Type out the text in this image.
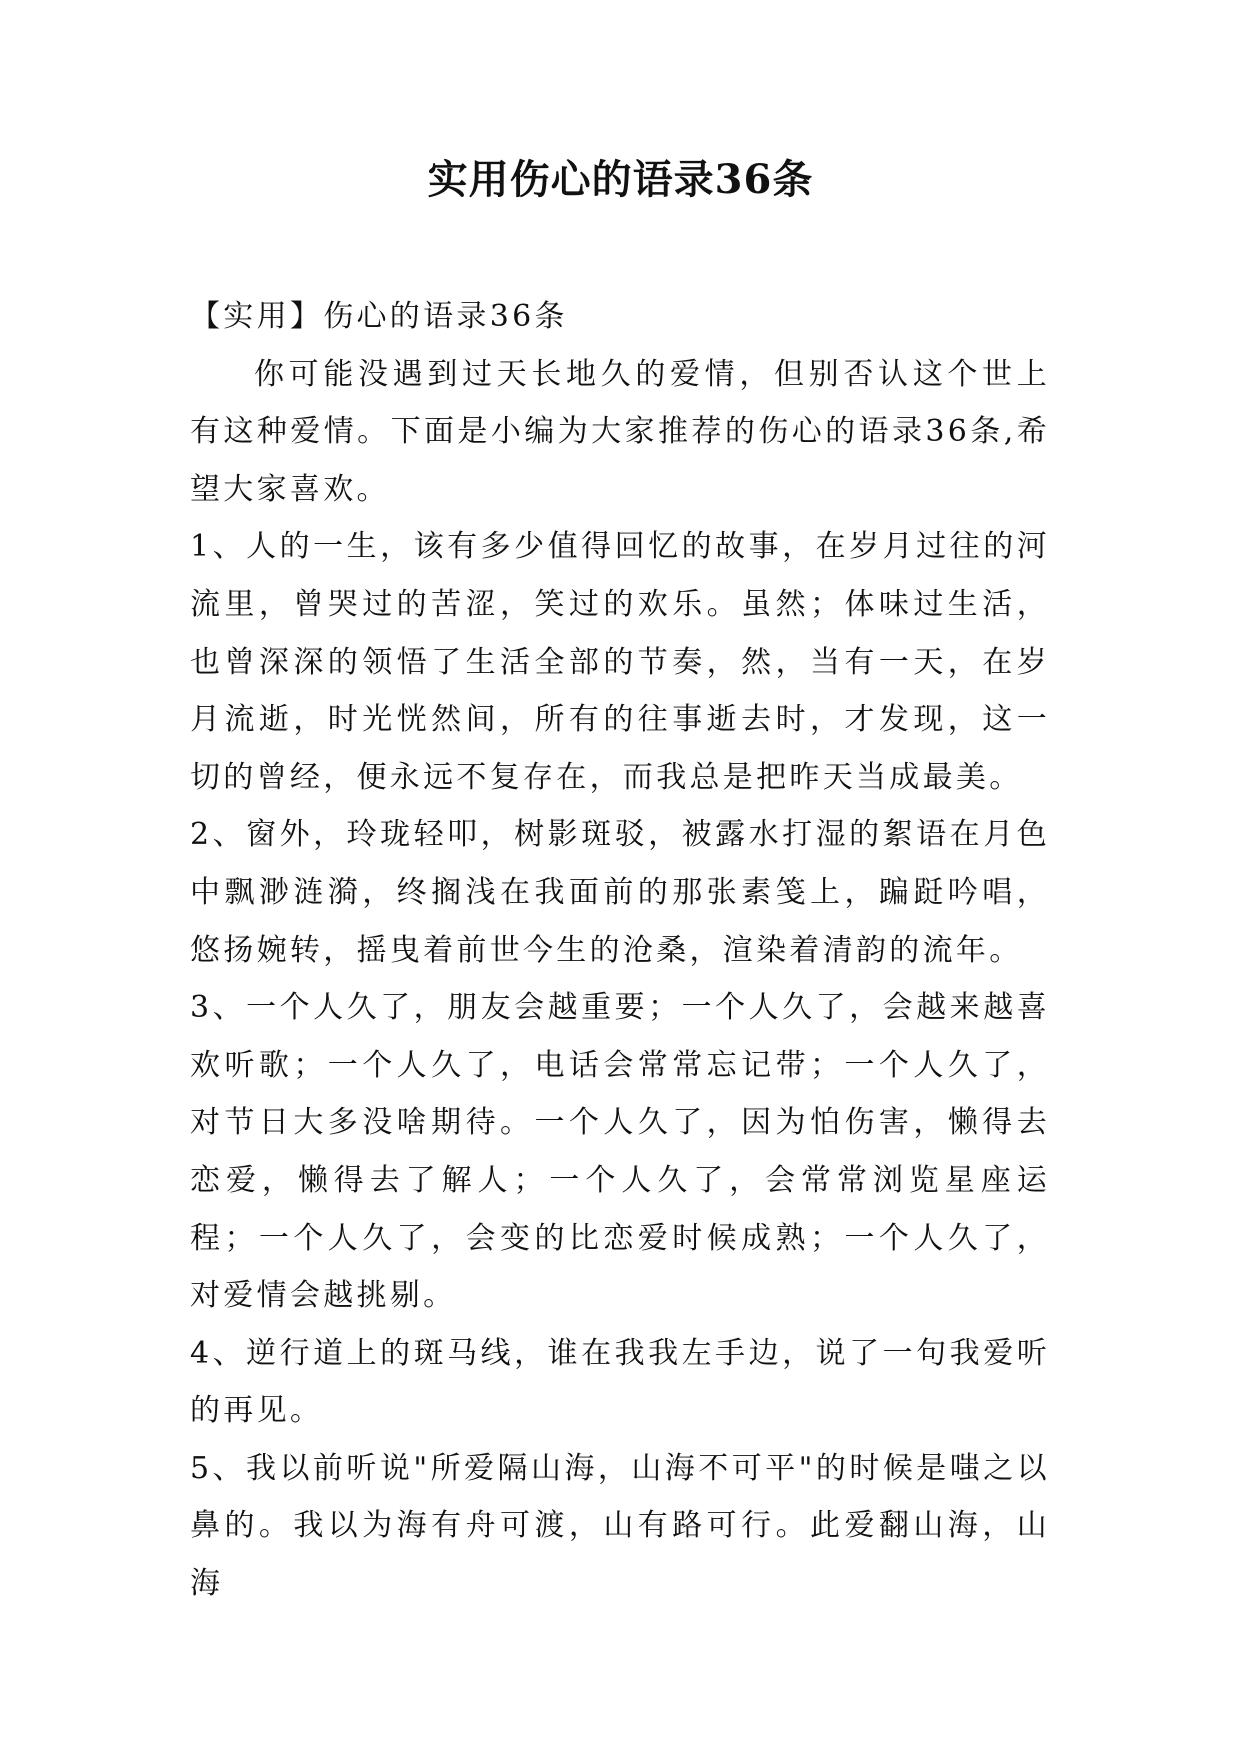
实用伤心的语录36条

【实用】伤心的语录36条

你可能没遇到过天长地久的爱情，但别否认这个世上有这种爱情。下面是小编为大家推荐的伤心的语录36条,希望大家喜欢。

1、人的一生，该有多少值得回忆的故事，在岁月过往的河流里，曾哭过的苦涩，笑过的欢乐。虽然；体味过生活，也曾深深的领悟了生活全部的节奏，然，当有一天，在岁月流逝，时光恍然间，所有的往事逝去时，才发现，这一切的曾经，便永远不复存在，而我总是把昨天当成最美。

2、窗外，玲珑轻叩，树影斑驳，被露水打湿的絮语在月色中飘渺涟漪，终搁浅在我面前的那张素笺上，蹁跹吟唱，悠扬婉转，摇曳着前世今生的沧桑，渲染着清韵的流年。

3、一个人久了，朋友会越重要；一个人久了，会越来越喜欢听歌；一个人久了，电话会常常忘记带；一个人久了，对节日大多没啥期待。一个人久了，因为怕伤害，懒得去恋爱，懒得去了解人；一个人久了，会常常浏览星座运程；一个人久了，会变的比恋爱时候成熟；一个人久了，对爱情会越挑剔。

4、逆行道上的斑马线，谁在我我左手边，说了一句我爱听的再见。

5、我以前听说"所爱隔山海，山海不可平"的时候是嗤之以鼻的。我以为海有舟可渡，山有路可行。此爱翻山海，山海
